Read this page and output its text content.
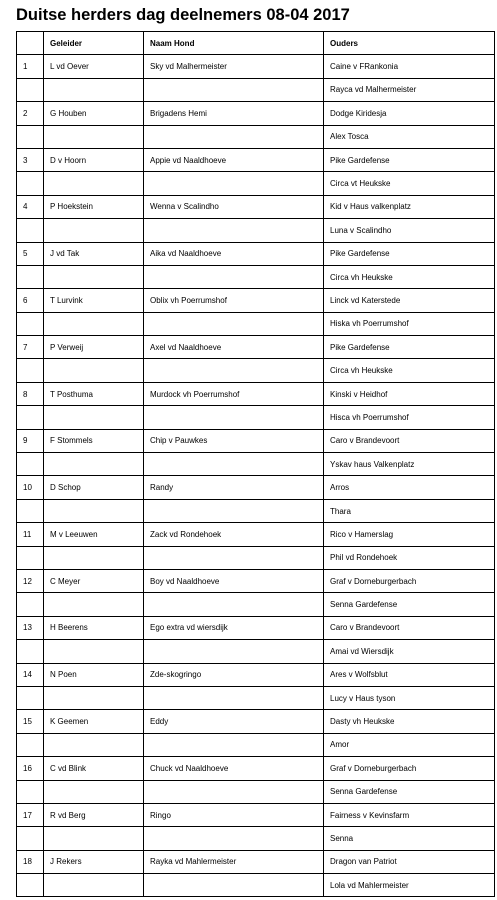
Duitse herders dag deelnemers 08-04 2017
	Geleider	Naam Hond	Ouders
1	L vd Oever	Sky vd Malhermeister	Caine v FRankonia
			Rayca vd Malhermeister
2	G Houben	Brigadens Hemi	Dodge Kiridesja
			Alex Tosca
3	D v Hoorn	Appie vd Naaldhoeve	Pike Gardefense
			Circa vt Heukske
4	P Hoekstein	Wenna v Scalindho	Kid v Haus valkenplatz
			Luna v Scalindho
5	J vd Tak	Aika vd Naaldhoeve	Pike Gardefense
			Circa vh Heukske
6	T Lurvink	Oblix vh Poerrumshof	Linck vd Katerstede
			Hiska vh Poerrumshof
7	P Verweij	Axel vd Naaldhoeve	Pike Gardefense
			Circa vh Heukske
8	T Posthuma	Murdock vh Poerrumshof	Kinski v Heidhof
			Hisca vh Poerrumshof
9	F Stommels	Chip v Pauwkes	Caro v Brandevoort
			Yskav haus Valkenplatz
10	D Schop	Randy	Arros
			Thara
11	M v Leeuwen	Zack vd Rondehoek	Rico v Hamerslag
			Phil vd Rondehoek
12	C Meyer	Boy vd Naaldhoeve	Graf v Dorneburgerbach
			Senna Gardefense
13	H Beerens	Ego extra vd wiersdijk	Caro v Brandevoort
			Amai vd Wiersdijk
14	N Poen	Zde-skogringo	Ares v Wolfsblut
			Lucy v Haus tyson
15	K Geemen	Eddy	Dasty vh Heukske
			Amor
16	C vd Blink	Chuck vd Naaldhoeve	Graf v Dorneburgerbach
			Senna Gardefense
17	R vd Berg	Ringo	Fairness v Kevinsfarm
			Senna
18	J Rekers	Rayka vd Mahlermeister	Dragon van Patriot
			Lola vd Mahlermeister
